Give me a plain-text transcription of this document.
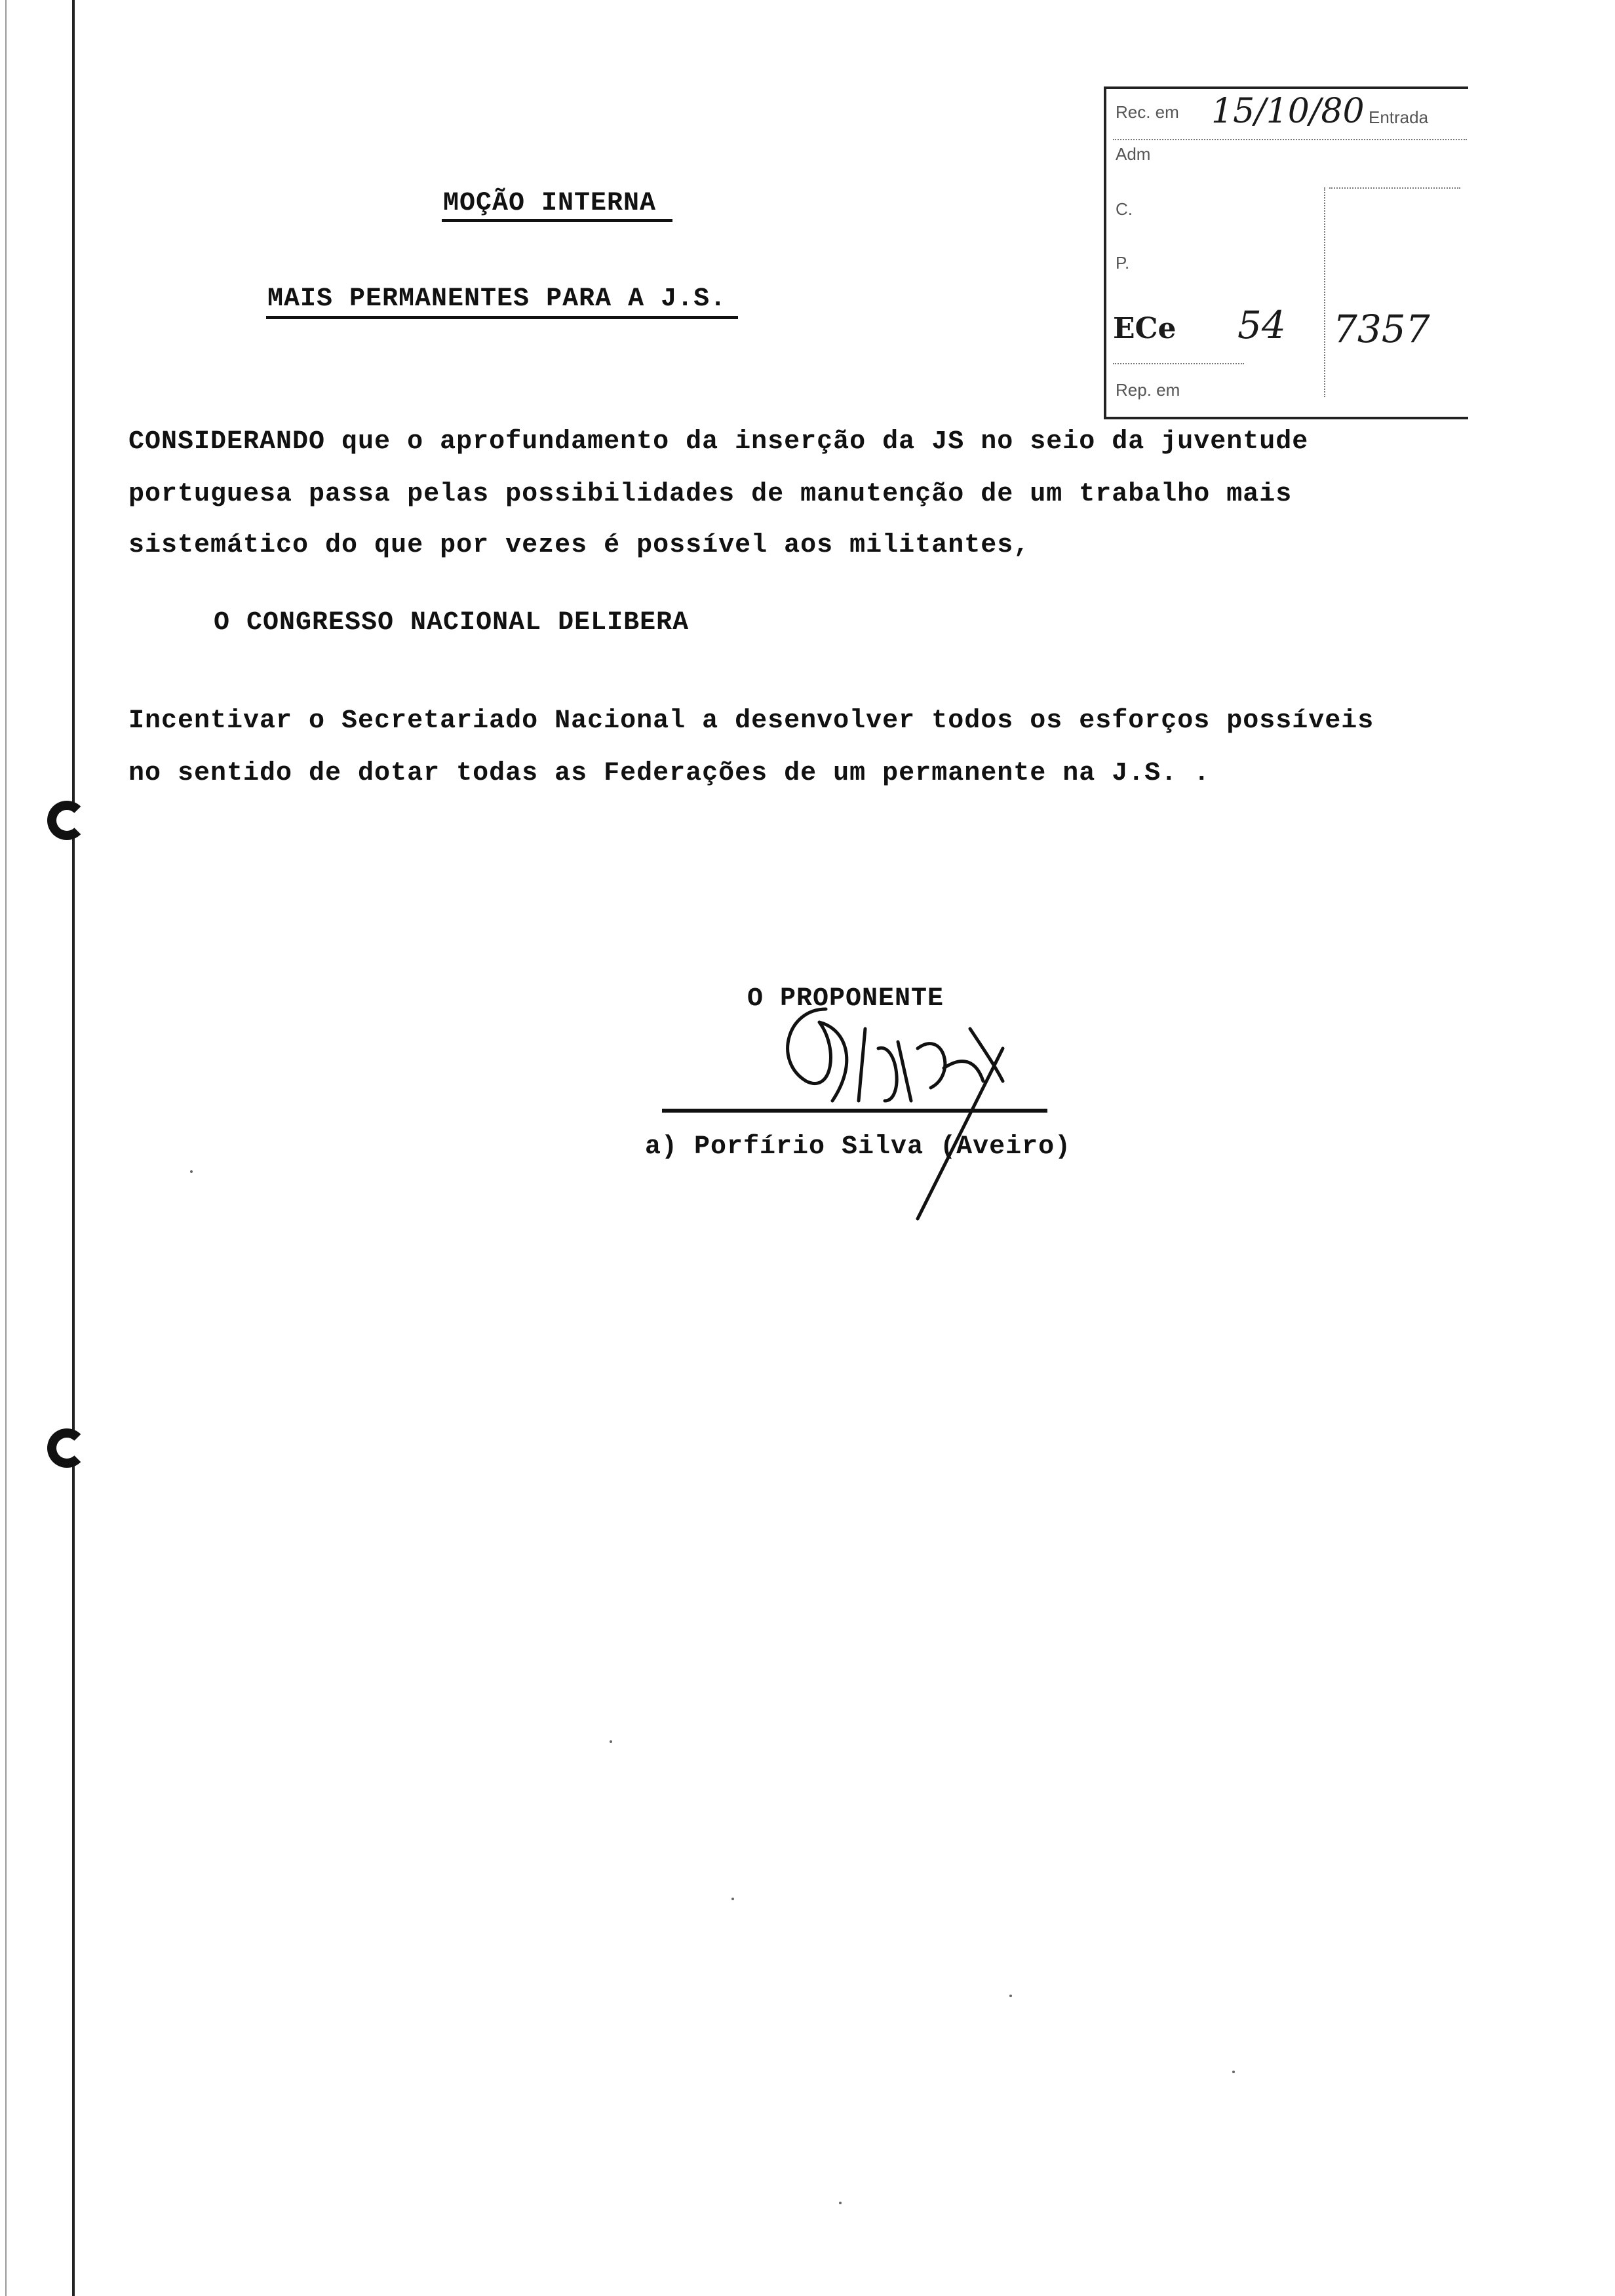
Rec. em 15/10/80 Entrada
Adm
C.
P.
ECe 54 7357
Rep. em
MOÇÃO INTERNA
MAIS PERMANENTES PARA A J.S.
CONSIDERANDO que o aprofundamento da inserção da JS no seio da juventude
portuguesa passa pelas possibilidades de manutenção de um trabalho mais
sistemático do que por vezes é possível aos militantes,
O CONGRESSO NACIONAL DELIBERA
Incentivar o Secretariado Nacional a desenvolver todos os esforços possíveis
no sentido de dotar todas as Federações de um permanente na J.S. .
O PROPONENTE
a) Porfírio Silva (Aveiro)
